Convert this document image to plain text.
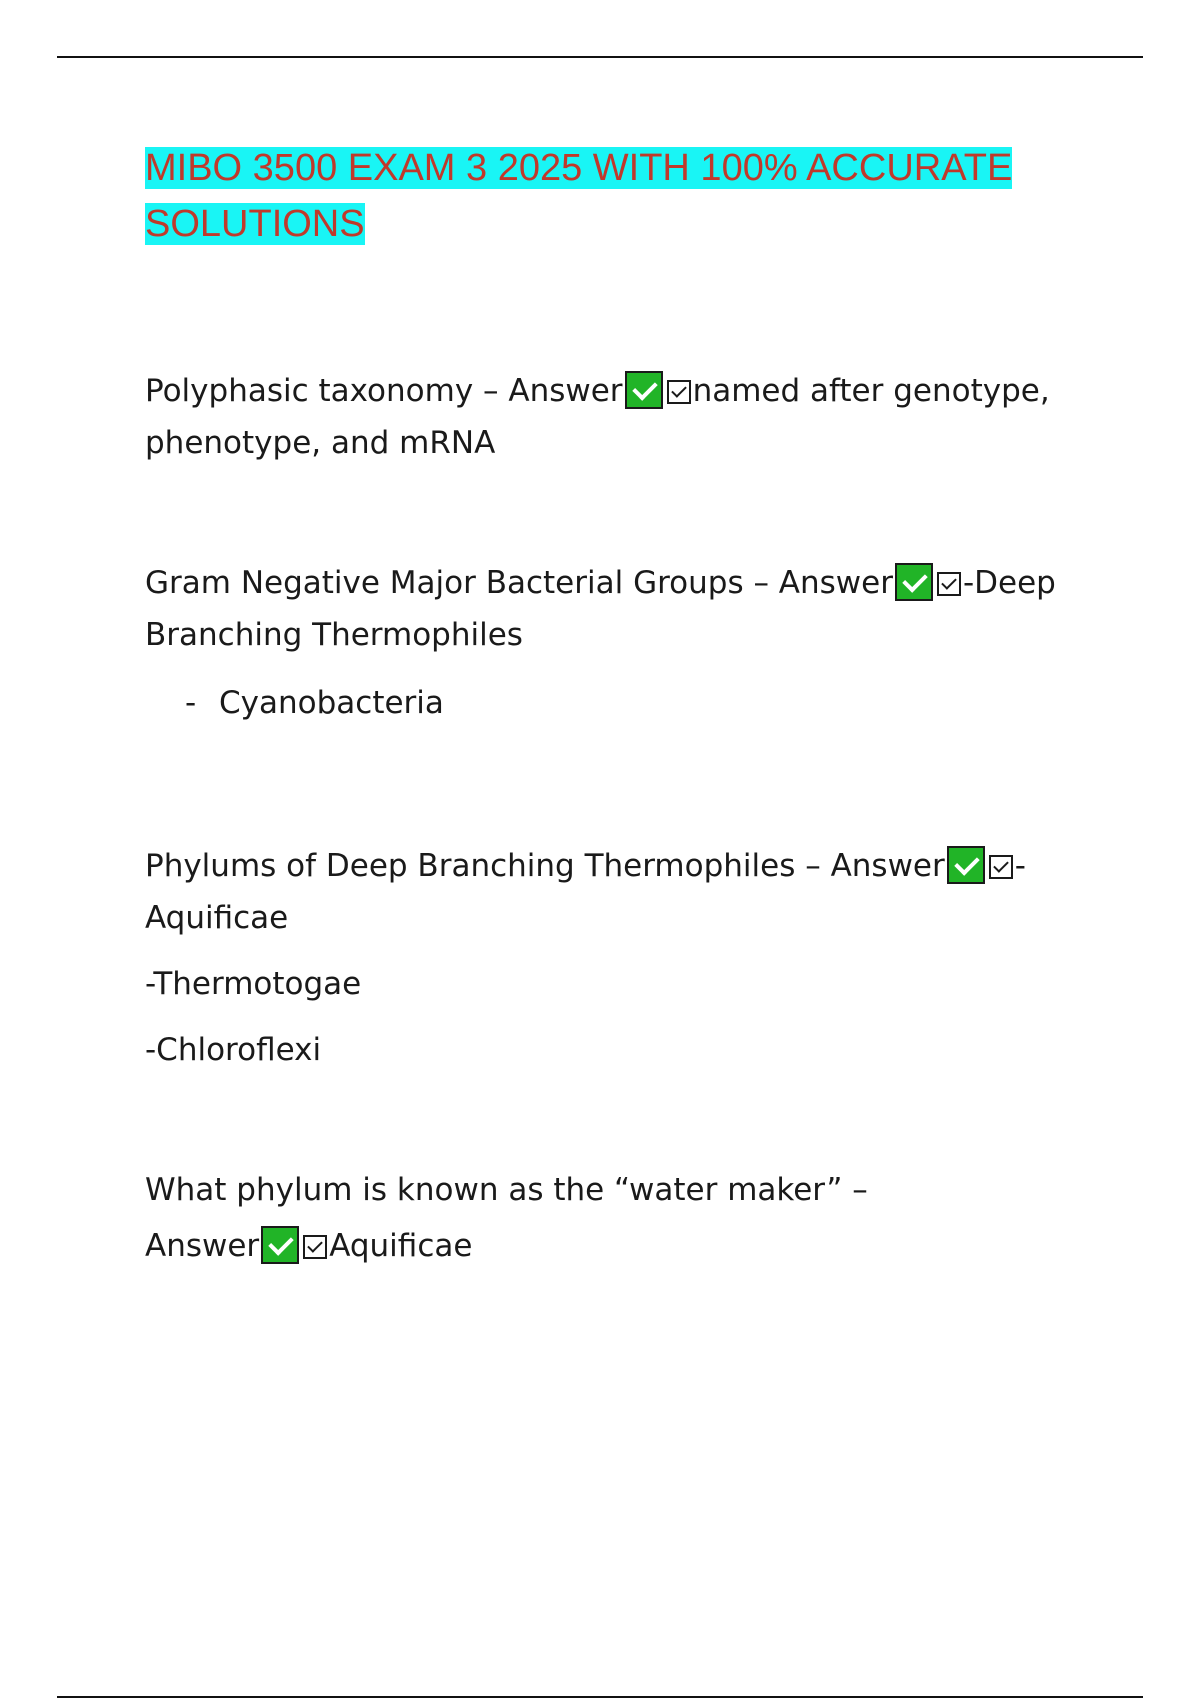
MIBO 3500 EXAM 3 2025 WITH 100% ACCURATE SOLUTIONS

Polyphasic taxonomy – Answer named after genotype, phenotype, and mRNA

Gram Negative Major Bacterial Groups – Answer -Deep Branching Thermophiles

- Cyanobacteria

Phylums of Deep Branching Thermophiles – Answer -Aquificae

-Thermotogae

-Chloroflexi

What phylum is known as the “water maker” –

Answer Aquificae
